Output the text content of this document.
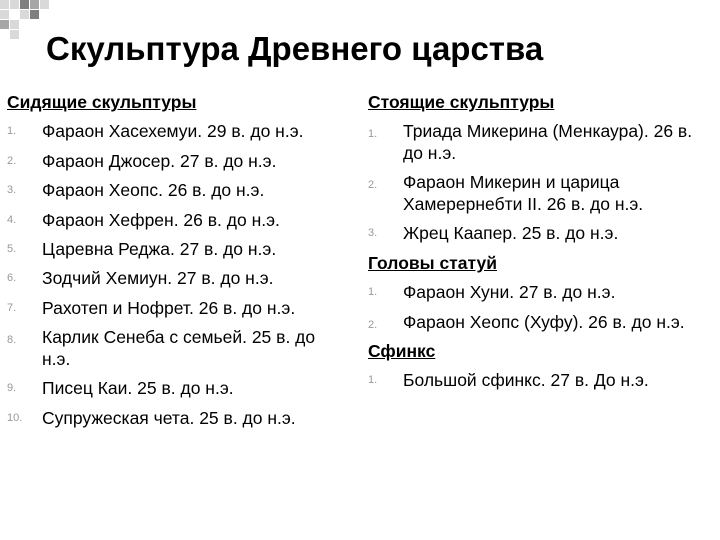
Скульптура Древнего царства
Сидящие скульптуры
1.	Фараон Хасехемуи. 29 в. до н.э.
2.	Фараон Джосер. 27 в. до н.э.
3.	Фараон Хеопс. 26 в. до н.э.
4.	Фараон Хефрен. 26 в. до н.э.
5.	Царевна Реджа. 27 в. до н.э.
6.	Зодчий Хемиун. 27 в. до н.э.
7.	Рахотеп и Нофрет. 26 в. до н.э.
8.	Карлик Сенеба с семьей. 25 в. до н.э.
9.	Писец Каи. 25 в. до н.э.
10.	Супружеская чета. 25 в. до н.э.
Стоящие скульптуры
1.	Триада Микерина (Менкаура). 26 в. до н.э.
2.	Фараон Микерин и царица Хамерернебти II. 26 в. до н.э.
3.	Жрец Каапер. 25 в. до н.э.
Головы статуй
1.	Фараон Хуни. 27 в. до н.э.
2.	Фараон Хеопс (Хуфу). 26 в. до н.э.
Сфинкс
1.	Большой сфинкс. 27 в. До н.э.
